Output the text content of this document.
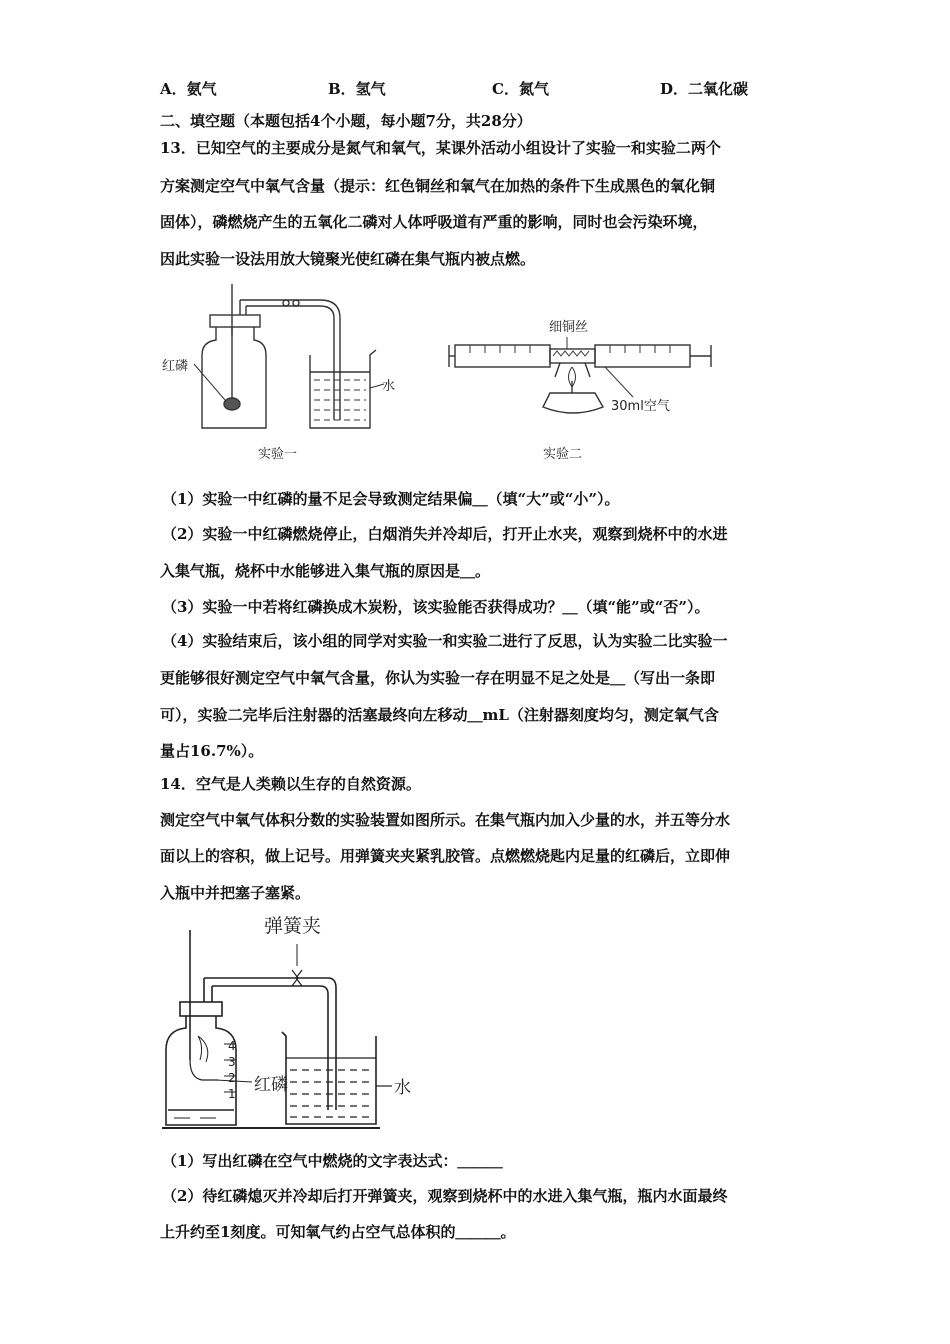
A．氨气	B．氢气	C．氮气	D．二氧化碳
二、填空题（本题包括4个小题，每小题7分，共28分）
13．已知空气的主要成分是氮气和氧气，某课外活动小组设计了实验一和实验二两个
方案测定空气中氧气含量（提示：红色铜丝和氧气在加热的条件下生成黑色的氧化铜
固体），磷燃烧产生的五氧化二磷对人体呼吸道有严重的影响，同时也会污染环境，
因此实验一设法用放大镜聚光使红磷在集气瓶内被点燃。
红磷
水
实验一
细铜丝
30ml空气
实验二
（1）实验一中红磷的量不足会导致测定结果偏＿（填“大”或“小”）。
（2）实验一中红磷燃烧停止，白烟消失并冷却后，打开止水夹，观察到烧杯中的水进
入集气瓶，烧杯中水能够进入集气瓶的原因是＿。
（3）实验一中若将红磷换成木炭粉，该实验能否获得成功？＿（填“能”或“否”）。
（4）实验结束后，该小组的同学对实验一和实验二进行了反思，认为实验二比实验一
更能够很好测定空气中氧气含量，你认为实验一存在明显不足之处是＿（写出一条即
可），实验二完毕后注射器的活塞最终向左移动＿mL（注射器刻度均匀，测定氧气含
量占16.7%）。
14．空气是人类赖以生存的自然资源。
测定空气中氧气体积分数的实验装置如图所示。在集气瓶内加入少量的水，并五等分水
面以上的容积，做上记号。用弹簧夹夹紧乳胶管。点燃燃烧匙内足量的红磷后，立即伸
入瓶中并把塞子塞紧。
4
3
2
1 红磷
弹簧夹
水
（1）写出红磷在空气中燃烧的文字表达式：＿＿＿
（2）待红磷熄灭并冷却后打开弹簧夹，观察到烧杯中的水进入集气瓶，瓶内水面最终
上升约至1刻度。可知氧气约占空气总体积的＿＿＿。
